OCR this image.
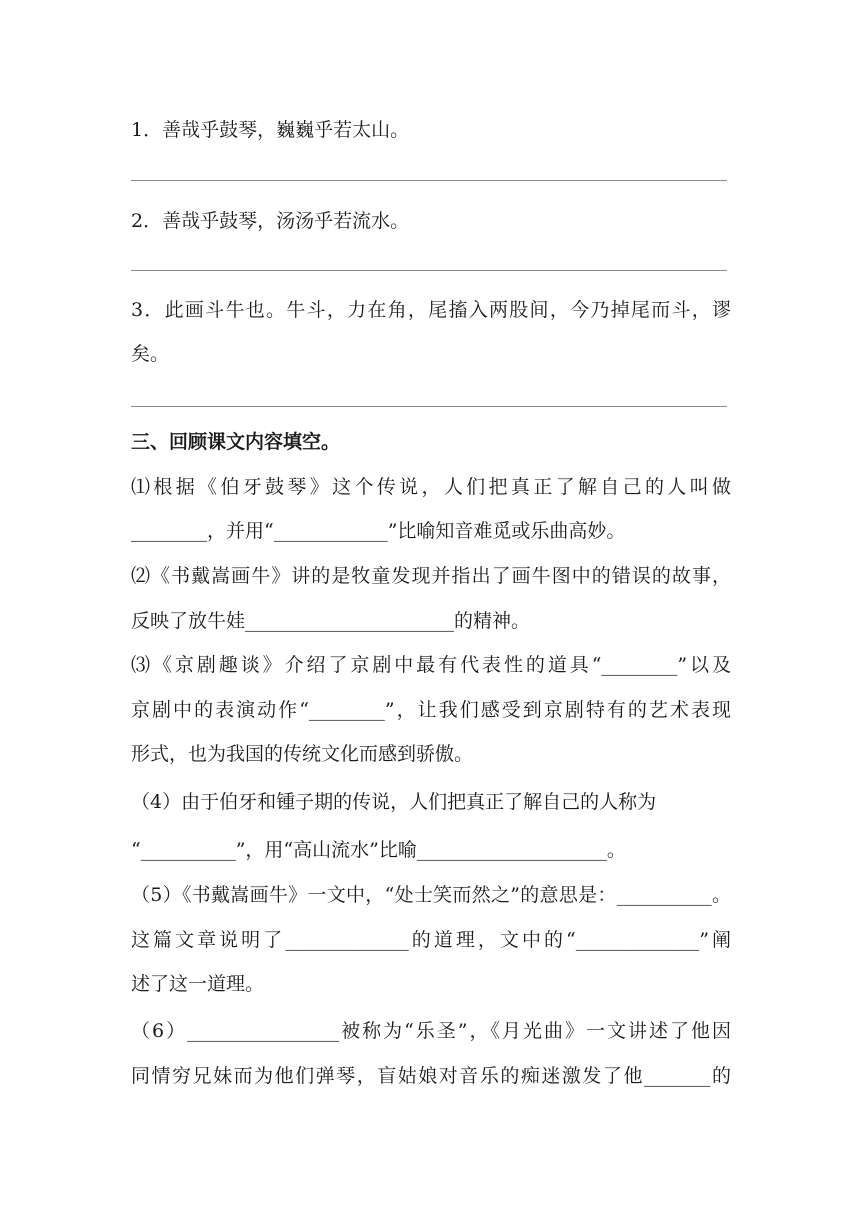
1．善哉乎鼓琴，巍巍乎若太山。
2．善哉乎鼓琴，汤汤乎若流水。
3．此画斗牛也。牛斗，力在角，尾搐入两股间，今乃掉尾而斗，谬
矣。
三、回顾课文内容填空。
⑴根据《伯牙鼓琴》这个传说，人们把真正了解自己的人叫做
________，并用“____________”比喻知音难觅或乐曲高妙。
⑵《书戴嵩画牛》讲的是牧童发现并指出了画牛图中的错误的故事，
反映了放牛娃______________________的精神。
⑶《京剧趣谈》介绍了京剧中最有代表性的道具“________”以及
京剧中的表演动作“________”，让我们感受到京剧特有的艺术表现
形式，也为我国的传统文化而感到骄傲。
（4）由于伯牙和锺子期的传说，人们把真正了解自己的人称为
“__________”，用“高山流水”比喻____________________。
（5）《书戴嵩画牛》一文中，“处士笑而然之”的意思是：__________。
这篇文章说明了_____________的道理，文中的“_____________”阐
述了这一道理。
（6）________________被称为“乐圣”，《月光曲》一文讲述了他因
同情穷兄妹而为他们弹琴，盲姑娘对音乐的痴迷激发了他_______的
